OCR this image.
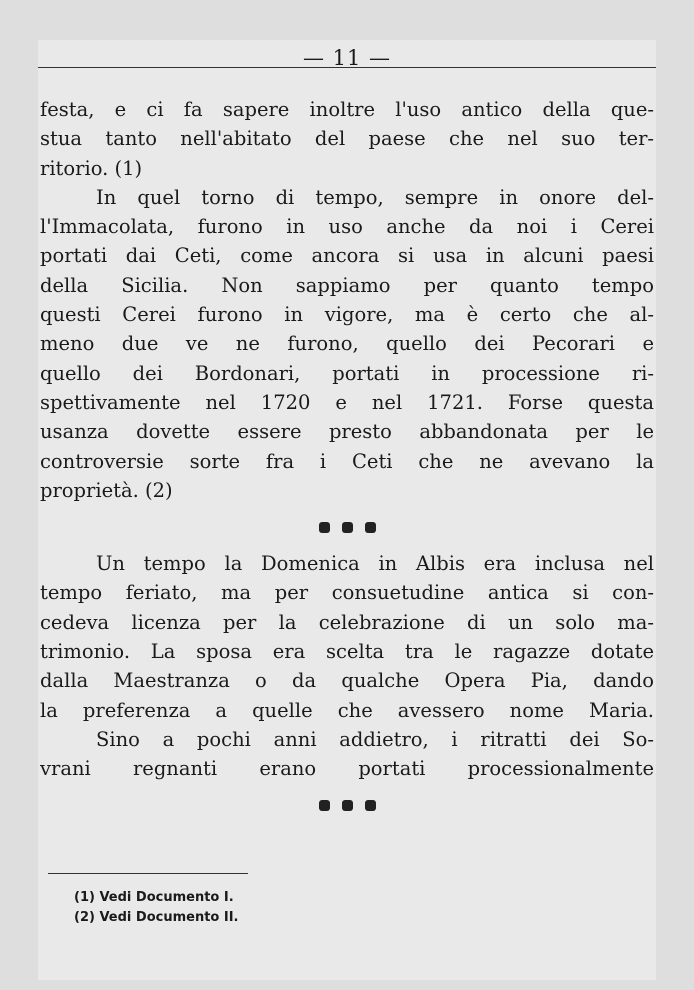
— 11 —
festa, e ci fa sapere inoltre l'uso antico della que-
stua tanto nell'abitato del paese che nel suo ter-
ritorio. (1)
In quel torno di tempo, sempre in onore del-
l'Immacolata, furono in uso anche da noi i Cerei
portati dai Ceti, come ancora si usa in alcuni paesi
della Sicilia. Non sappiamo per quanto tempo
questi Cerei furono in vigore, ma è certo che al-
meno due ve ne furono, quello dei Pecorari e
quello dei Bordonari, portati in processione ri-
spettivamente nel 1720 e nel 1721. Forse questa
usanza dovette essere presto abbandonata per le
controversie sorte fra i Ceti che ne avevano la
proprietà. (2)
Un tempo la Domenica in Albis era inclusa nel
tempo feriato, ma per consuetudine antica si con-
cedeva licenza per la celebrazione di un solo ma-
trimonio. La sposa era scelta tra le ragazze dotate
dalla Maestranza o da qualche Opera Pia, dando
la preferenza a quelle che avessero nome Maria.
Sino a pochi anni addietro, i ritratti dei So-
vrani regnanti erano portati processionalmente
(1) Vedi Documento I.
(2) Vedi Documento II.
